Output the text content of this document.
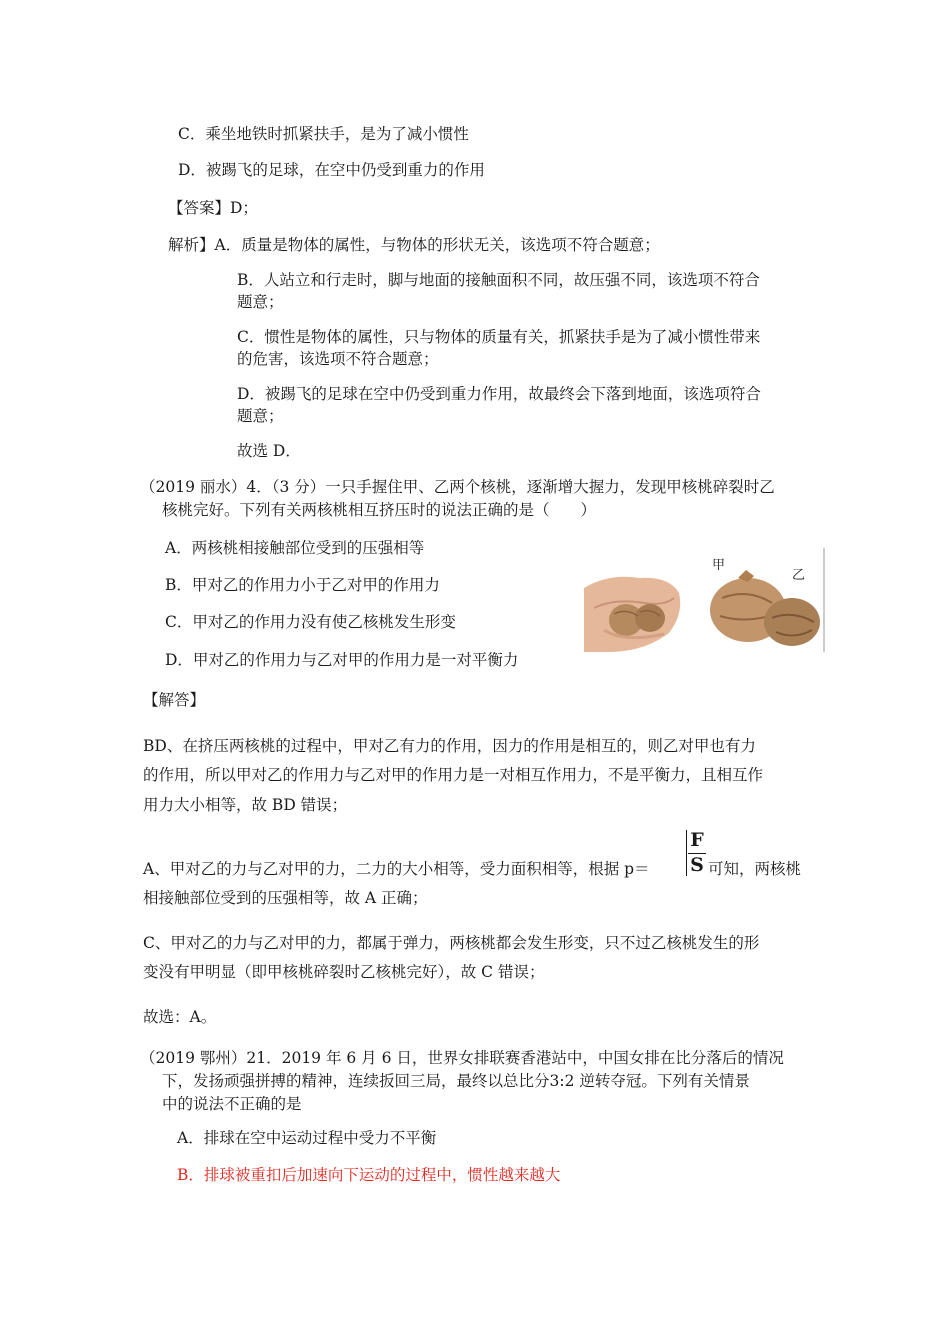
C．乘坐地铁时抓紧扶手，是为了减小惯性
D．被踢飞的足球，在空中仍受到重力的作用
【答案】D；
解析】A．质量是物体的属性，与物体的形状无关，该选项不符合题意；
B．人站立和行走时，脚与地面的接触面积不同，故压强不同，该选项不符合
题意；
C．惯性是物体的属性，只与物体的质量有关，抓紧扶手是为了减小惯性带来
的危害，该选项不符合题意；
D．被踢飞的足球在空中仍受到重力作用，故最终会下落到地面，该选项符合
题意；
故选 D．
（2019 丽水）4．（3 分）一只手握住甲、乙两个核桃，逐渐增大握力，发现甲核桃碎裂时乙
核桃完好。下列有关两核桃相互挤压时的说法正确的是（　　）
A．两核桃相接触部位受到的压强相等
B．甲对乙的作用力小于乙对甲的作用力
C．甲对乙的作用力没有使乙核桃发生形变
D．甲对乙的作用力与乙对甲的作用力是一对平衡力
甲
乙
【解答】
BD、在挤压两核桃的过程中，甲对乙有力的作用，因力的作用是相互的，则乙对甲也有力
的作用，所以甲对乙的作用力与乙对甲的作用力是一对相互作用力，不是平衡力，且相互作
用力大小相等，故 BD 错误；
A、甲对乙的力与乙对甲的力，二力的大小相等，受力面积相等，根据 p＝
F
S 可知，两核桃
相接触部位受到的压强相等，故 A 正确；
C、甲对乙的力与乙对甲的力，都属于弹力，两核桃都会发生形变，只不过乙核桃发生的形
变没有甲明显（即甲核桃碎裂时乙核桃完好），故 C 错误；
故选：A。
（2019 鄂州）21．2019 年 6 月 6 日，世界女排联赛香港站中，中国女排在比分落后的情况
下，发扬顽强拼搏的精神，连续扳回三局，最终以总比分3:2 逆转夺冠。下列有关情景
中的说法不正确的是
A．排球在空中运动过程中受力不平衡
B．排球被重扣后加速向下运动的过程中，惯性越来越大
